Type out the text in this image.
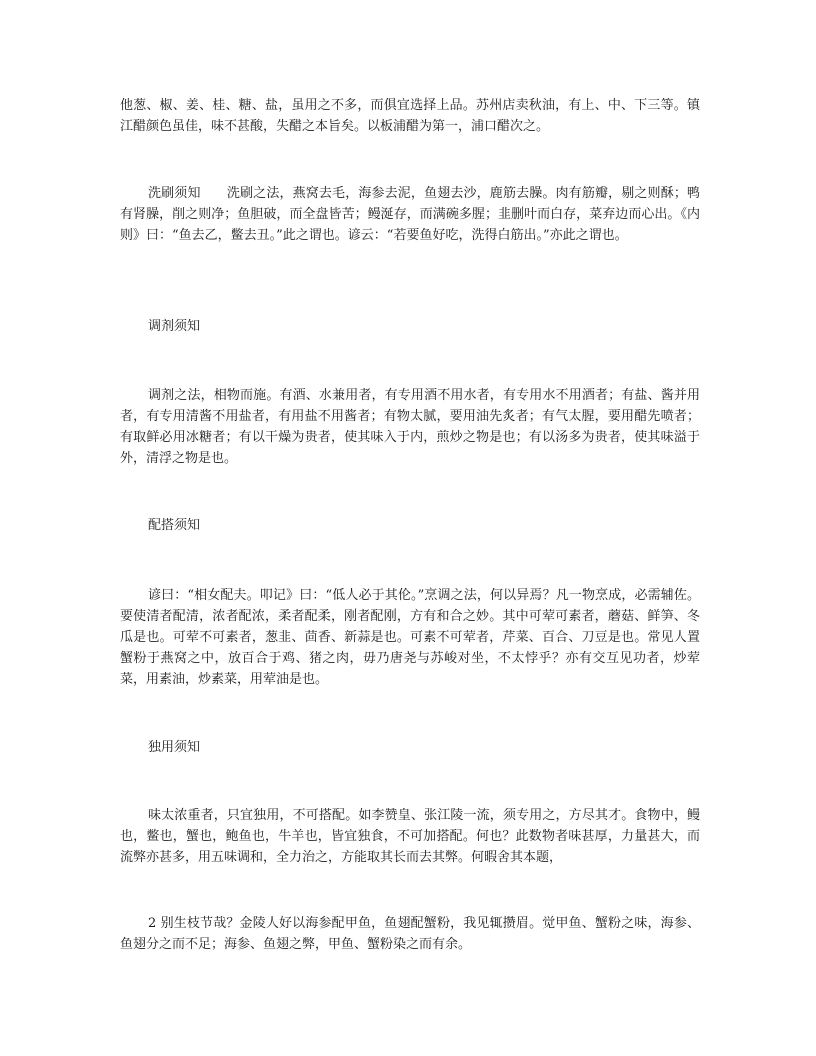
他葱、椒、姜、桂、糖、盐，虽用之不多，而俱宜选择上品。苏州店卖秋油，有上、中、下三等。镇江醋颜色虽佳，味不甚酸，失醋之本旨矣。以板浦醋为第一，浦口醋次之。

洗刷须知　　洗刷之法，燕窝去毛，海参去泥，鱼翅去沙，鹿筋去臊。肉有筋瓣，剔之则酥；鸭有肾臊，削之则净；鱼胆破，而全盘皆苦；鳗涎存，而满碗多腥；韭删叶而白存，菜弃边而心出。《内则》曰：“鱼去乙，鳖去丑。”此之谓也。谚云：“若要鱼好吃，洗得白筋出。”亦此之谓也。

调剂须知

调剂之法，相物而施。有酒、水兼用者，有专用酒不用水者，有专用水不用酒者；有盐、酱并用者，有专用清酱不用盐者，有用盐不用酱者；有物太腻，要用油先炙者；有气太腥，要用醋先喷者；有取鲜必用冰糖者；有以干燥为贵者，使其味入于内，煎炒之物是也；有以汤多为贵者，使其味溢于外，清浮之物是也。

配搭须知

谚曰：“相女配夫。叩记》曰：“低人必于其伦。”烹调之法，何以异焉？凡一物烹成，必需辅佐。要使清者配清，浓者配浓，柔者配柔，刚者配刚，方有和合之妙。其中可荤可素者，蘑菇、鲜笋、冬瓜是也。可荤不可素者，葱韭、茴香、新蒜是也。可素不可荤者，芹菜、百合、刀豆是也。常见人置蟹粉于燕窝之中，放百合于鸡、猪之肉，毋乃唐尧与苏峻对坐，不太悖乎？亦有交互见功者，炒荤菜，用素油，炒素菜，用荤油是也。

独用须知

味太浓重者，只宜独用，不可搭配。如李赞皇、张江陵一流，须专用之，方尽其才。食物中，鳗也，鳖也，蟹也，鲍鱼也，牛羊也，皆宜独食，不可加搭配。何也？此数物者味甚厚，力量甚大，而流弊亦甚多，用五味调和，全力治之，方能取其长而去其弊。何暇舍其本题，

2 别生枝节哉？金陵人好以海参配甲鱼，鱼翅配蟹粉，我见辄攒眉。觉甲鱼、蟹粉之味，海参、鱼翅分之而不足；海参、鱼翅之弊，甲鱼、蟹粉染之而有余。
